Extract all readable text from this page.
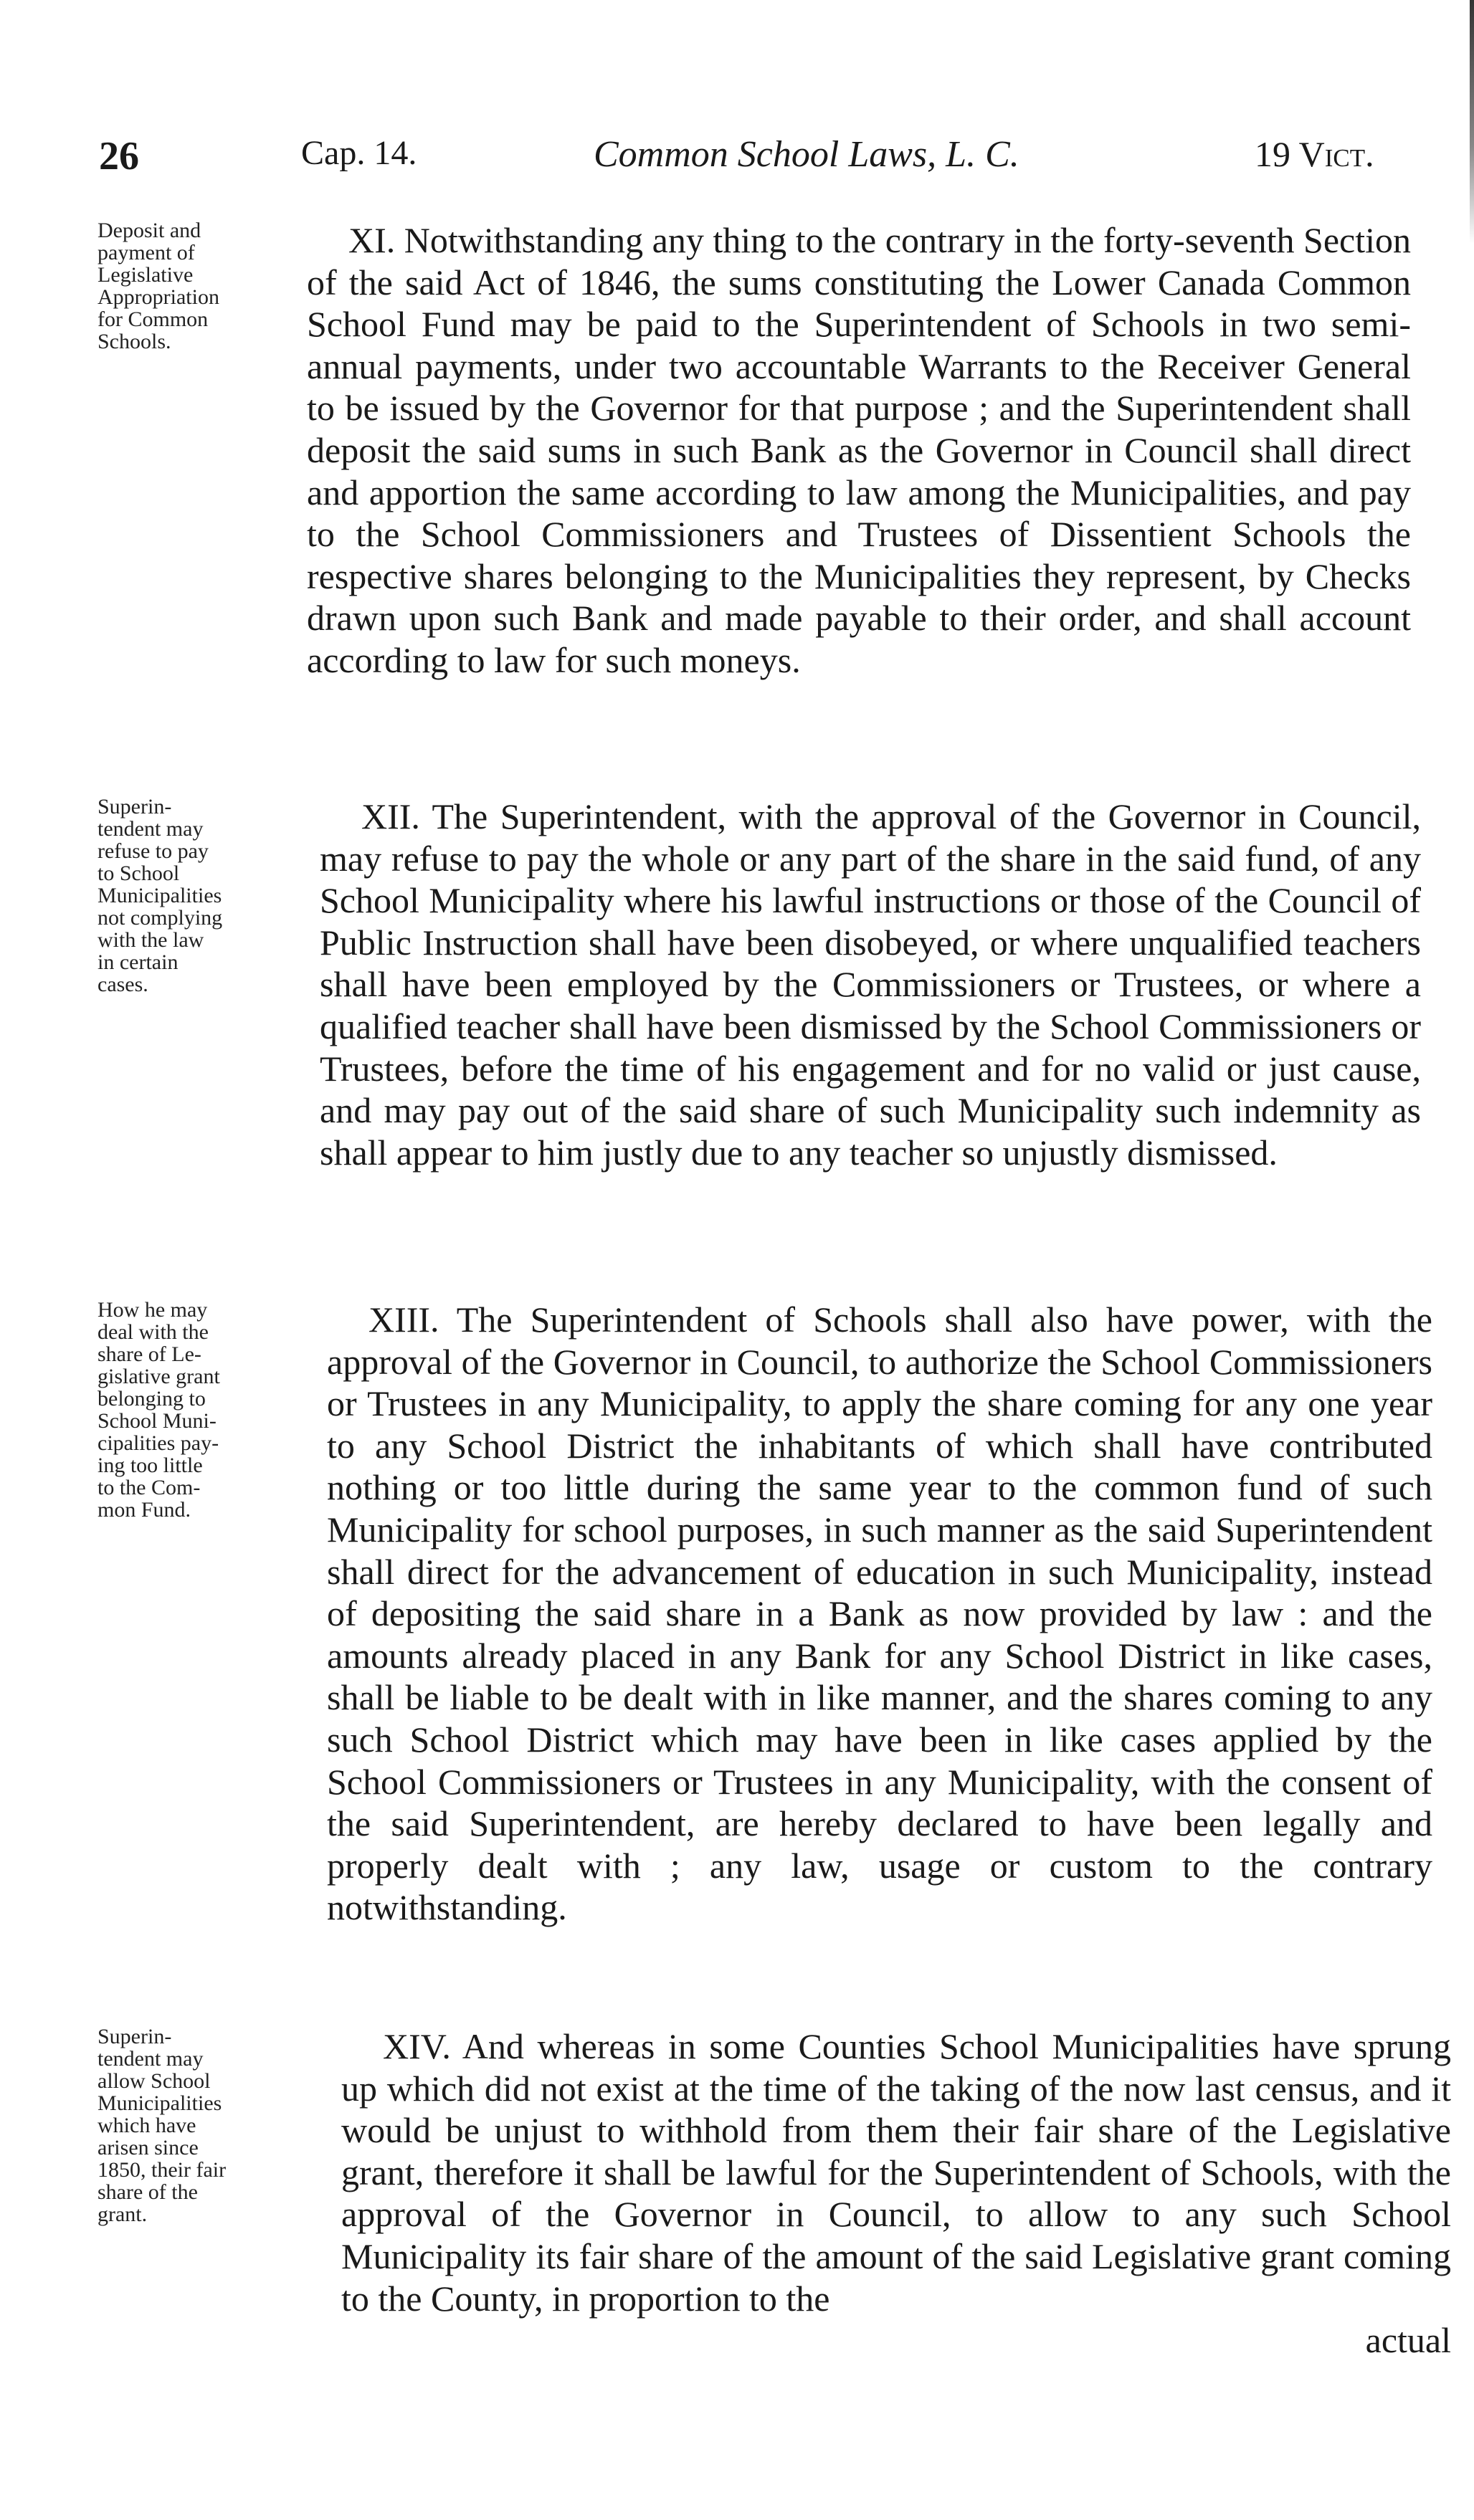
26	Cap. 14.	Common School Laws, L. C.	19 Vict.
Deposit and
payment of
Legislative
Appropriation
for Common
Schools.
XI. Notwithstanding any thing to the contrary in the forty-seventh Section of the said Act of 1846, the sums constituting the Lower Canada Common School Fund may be paid to the Superintendent of Schools in two semi-annual payments, under two accountable Warrants to the Receiver General to be issued by the Governor for that purpose ; and the Superintendent shall deposit the said sums in such Bank as the Governor in Council shall direct and apportion the same according to law among the Municipalities, and pay to the School Commissioners and Trustees of Dissentient Schools the respective shares belonging to the Municipalities they represent, by Checks drawn upon such Bank and made payable to their order, and shall account according to law for such moneys.
Superin-
tendent may
refuse to pay
to School
Municipalities
not complying
with the law
in certain
cases.
XII. The Superintendent, with the approval of the Governor in Council, may refuse to pay the whole or any part of the share in the said fund, of any School Municipality where his lawful instructions or those of the Council of Public Instruction shall have been disobeyed, or where unqualified teachers shall have been employed by the Commissioners or Trustees, or where a qualified teacher shall have been dismissed by the School Commissioners or Trustees, before the time of his engagement and for no valid or just cause, and may pay out of the said share of such Municipality such indemnity as shall appear to him justly due to any teacher so unjustly dismissed.
How he may
deal with the
share of Le-
gislative grant
belonging to
School Muni-
cipalities pay-
ing too little
to the Com-
mon Fund.
XIII. The Superintendent of Schools shall also have power, with the approval of the Governor in Council, to authorize the School Commissioners or Trustees in any Municipality, to apply the share coming for any one year to any School District the inhabitants of which shall have contributed nothing or too little during the same year to the common fund of such Municipality for school purposes, in such manner as the said Superintendent shall direct for the advancement of education in such Municipality, instead of depositing the said share in a Bank as now provided by law : and the amounts already placed in any Bank for any School District in like cases, shall be liable to be dealt with in like manner, and the shares coming to any such School District which may have been in like cases applied by the School Commissioners or Trustees in any Municipality, with the consent of the said Superintendent, are hereby declared to have been legally and properly dealt with ; any law, usage or custom to the contrary notwithstanding.
Superin-
tendent may
allow School
Municipalities
which have
arisen since
1850, their fair
share of the
grant.
XIV. And whereas in some Counties School Municipalities have sprung up which did not exist at the time of the taking of the now last census, and it would be unjust to withhold from them their fair share of the Legislative grant, therefore it shall be lawful for the Superintendent of Schools, with the approval of the Governor in Council, to allow to any such School Municipality its fair share of the amount of the said Legislative grant coming to the County, in proportion to the
actual
